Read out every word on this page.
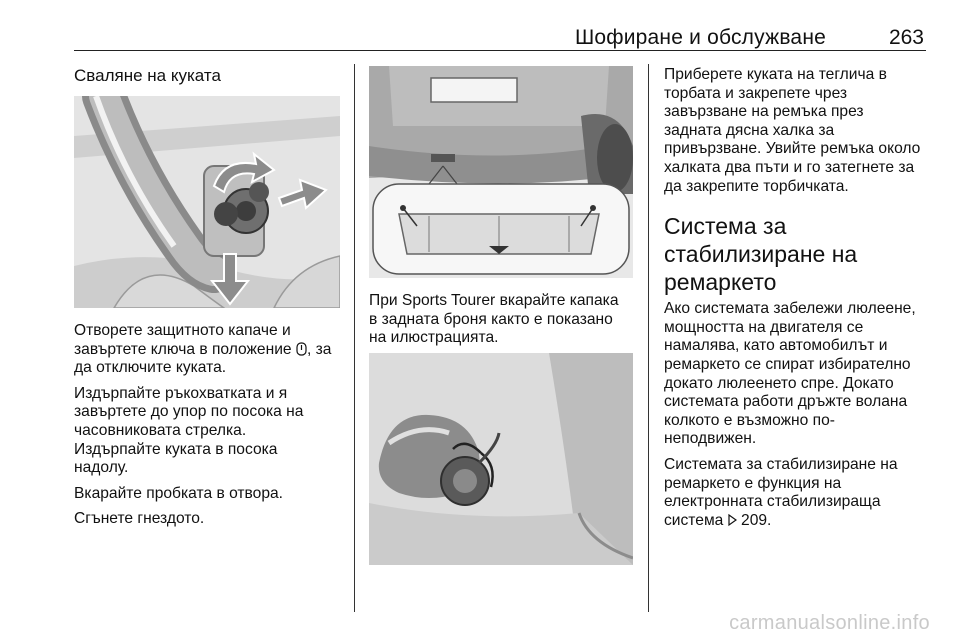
Шофиране и обслужване	263

Сваляне на куката

Отворете защитното капаче и

завъртете ключа в положение , за

да отключите куката.

Издърпайте ръкохватката и я

завъртете до упор по посока на

часовниковата стрелка.

Издърпайте куката в посока

надолу.

Вкарайте пробката в отвора.

Сгънете гнездото.

При Sports Tourer вкарайте капака

в задната броня както е показано

на илюстрацията.

Приберете куката на теглича в

торбата и закрепете чрез

завързване на ремъка през

задната дясна халка за

привързване. Увийте ремъка около

халката два пъти и го затегнете за

да закрепите торбичката.

Система за

стабилизиране на

ремаркето

Ако системата забележи люлеене,

мощността на двигателя се

намалява, като автомобилът и

ремаркето се спират избирателно

докато люлеенето спре. Докато

системата работи дръжте волана

колкото е възможно по-

неподвижен.

Системата за стабилизиране на

ремаркето е функция на

електронната стабилизираща

система  209.

carmanualsonline.info
